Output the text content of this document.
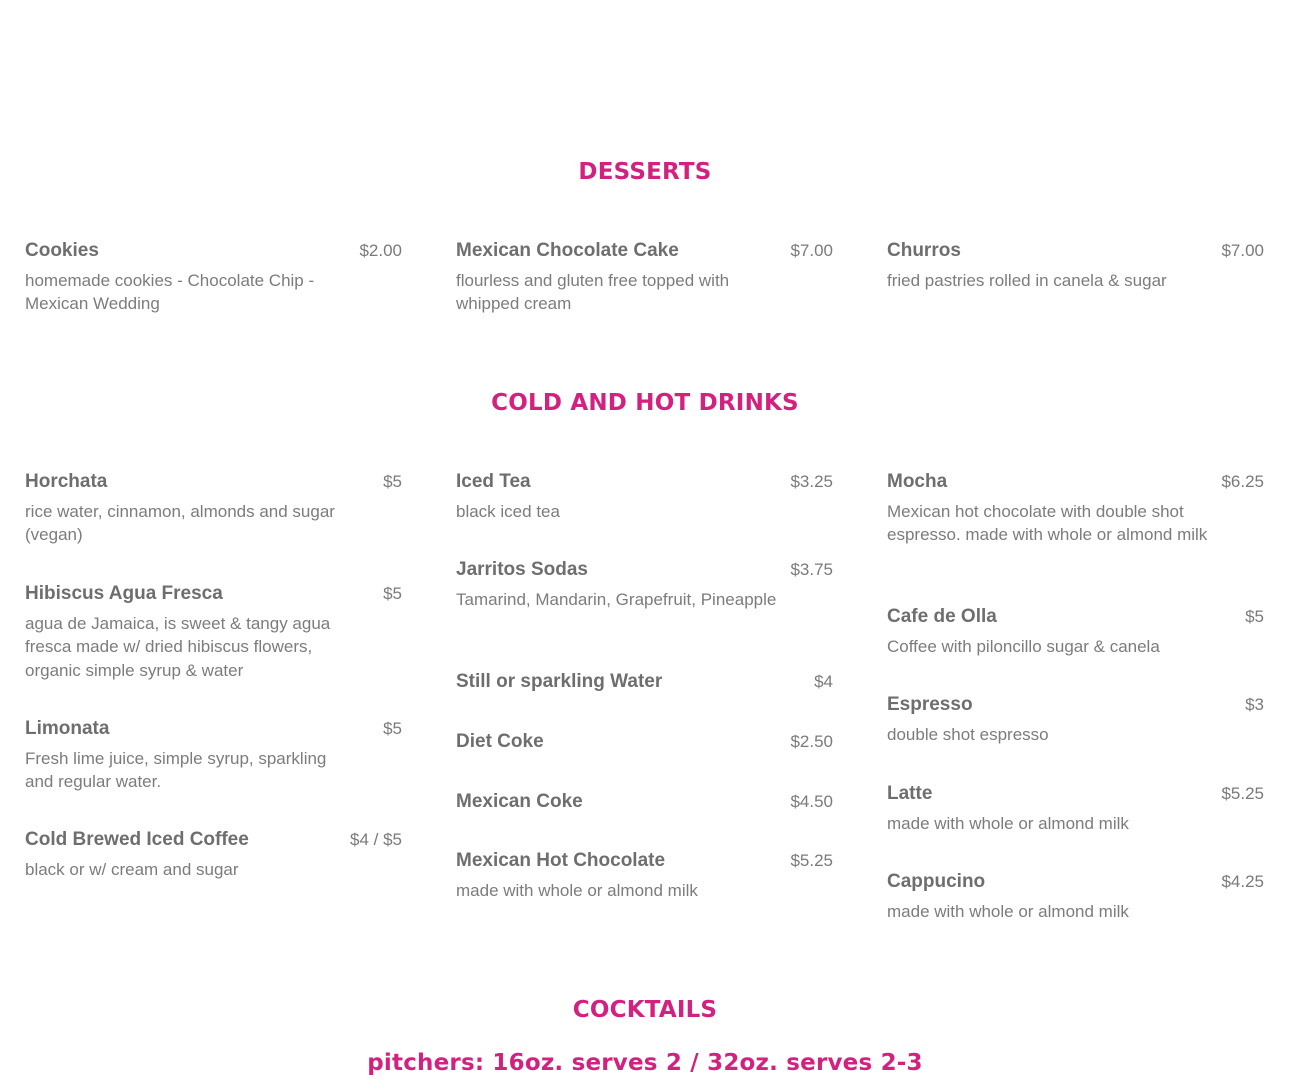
DESSERTS
Cookies	$2.00
homemade cookies - Chocolate Chip - Mexican Wedding
Mexican Chocolate Cake	$7.00
flourless and gluten free topped with whipped cream
Churros	$7.00
fried pastries rolled in canela & sugar
COLD AND HOT DRINKS
Horchata	$5
rice water, cinnamon, almonds and sugar (vegan)
Hibiscus Agua Fresca	$5
agua de Jamaica, is sweet & tangy agua fresca made w/ dried hibiscus flowers, organic simple syrup & water
Limonata	$5
Fresh lime juice, simple syrup, sparkling and regular water.
Cold Brewed Iced Coffee	$4 / $5
black or w/ cream and sugar
Iced Tea	$3.25
black iced tea
Jarritos Sodas	$3.75
Tamarind, Mandarin, Grapefruit, Pineapple
Still or sparkling Water	$4
Diet Coke	$2.50
Mexican Coke	$4.50
Mexican Hot Chocolate	$5.25
made with whole or almond milk
Mocha	$6.25
Mexican hot chocolate with double shot espresso. made with whole or almond milk
Cafe de Olla	$5
Coffee with piloncillo sugar & canela
Espresso	$3
double shot espresso
Latte	$5.25
made with whole or almond milk
Cappucino	$4.25
made with whole or almond milk
COCKTAILS
pitchers: 16oz. serves 2 / 32oz. serves 2-3
